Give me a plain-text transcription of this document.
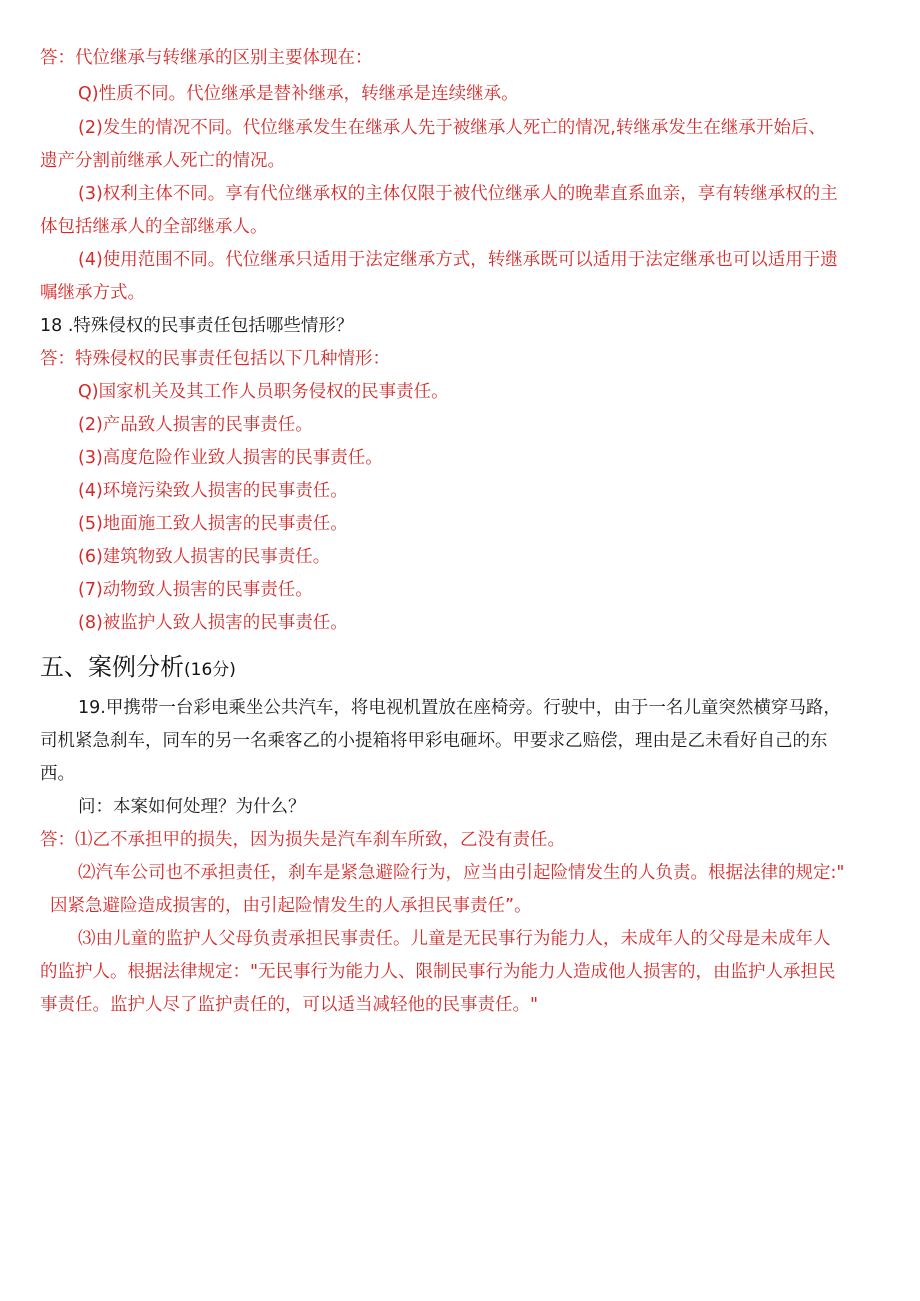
答：代位继承与转继承的区别主要体现在：
Q)性质不同。代位继承是替补继承，转继承是连续继承。
(2)发生的情况不同。代位继承发生在继承人先于被继承人死亡的情况,转继承发生在继承开始后、
遗产分割前继承人死亡的情况。
(3)权利主体不同。享有代位继承权的主体仅限于被代位继承人的晚辈直系血亲，享有转继承权的主
体包括继承人的全部继承人。
(4)使用范围不同。代位继承只适用于法定继承方式，转继承既可以适用于法定继承也可以适用于遗
嘱继承方式。
18 .特殊侵权的民事责任包括哪些情形？
答：特殊侵权的民事责任包括以下几种情形：
Q)国家机关及其工作人员职务侵权的民事责任。
(2)产品致人损害的民事责任。
(3)高度危险作业致人损害的民事责任。
(4)环境污染致人损害的民事责任。
(5)地面施工致人损害的民事责任。
(6)建筑物致人损害的民事责任。
(7)动物致人损害的民事责任。
(8)被监护人致人损害的民事责任。
五、案例分析(16分)
19.甲携带一台彩电乘坐公共汽车，将电视机置放在座椅旁。行驶中，由于一名儿童突然横穿马路，
司机紧急刹车，同车的另一名乘客乙的小提箱将甲彩电砸坏。甲要求乙赔偿，理由是乙未看好自己的东
西。
问：本案如何处理？为什么？
答：⑴乙不承担甲的损失，因为损失是汽车刹车所致，乙没有责任。
⑵汽车公司也不承担责任，刹车是紧急避险行为，应当由引起险情发生的人负责。根据法律的规定:"
因紧急避险造成损害的，由引起险情发生的人承担民事责任”。
⑶由儿童的监护人父母负责承担民事责任。儿童是无民事行为能力人，未成年人的父母是未成年人
的监护人。根据法律规定："无民事行为能力人、限制民事行为能力人造成他人损害的，由监护人承担民
事责任。监护人尽了监护责任的，可以适当减轻他的民事责任。"
